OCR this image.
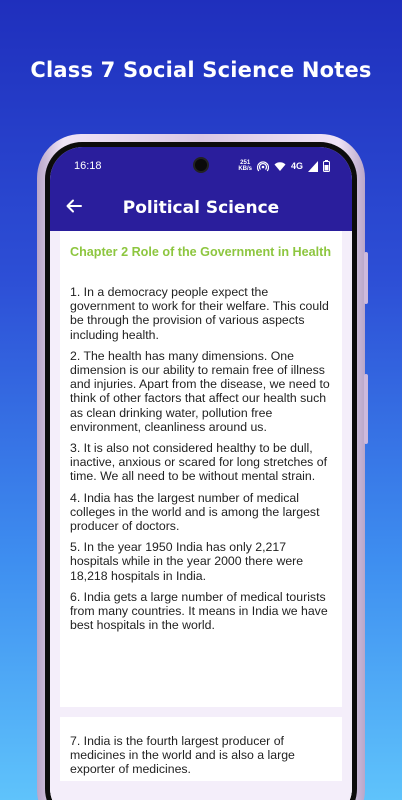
Class 7 Social Science Notes
16:18	251
KB/s	4G
Political Science
Chapter 2 Role of the Government in Health

1. In a democracy people expect the government to work for their welfare. This could be through the provision of various aspects including health.

2. The health has many dimensions. One dimension is our ability to remain free of illness and injuries. Apart from the disease, we need to think of other factors that affect our health such as clean drinking water, pollution free environment, cleanliness around us.

3. It is also not considered healthy to be dull, inactive, anxious or scared for long stretches of time. We all need to be without mental strain.

4. India has the largest number of medical colleges in the world and is among the largest producer of doctors.

5. In the year 1950 India has only 2,217 hospitals while in the year 2000 there were 18,218 hospitals in India.

6. India gets a large number of medical tourists from many countries. It means in India we have best hospitals in the world.

7. India is the fourth largest producer of medicines in the world and is also a large exporter of medicines.
